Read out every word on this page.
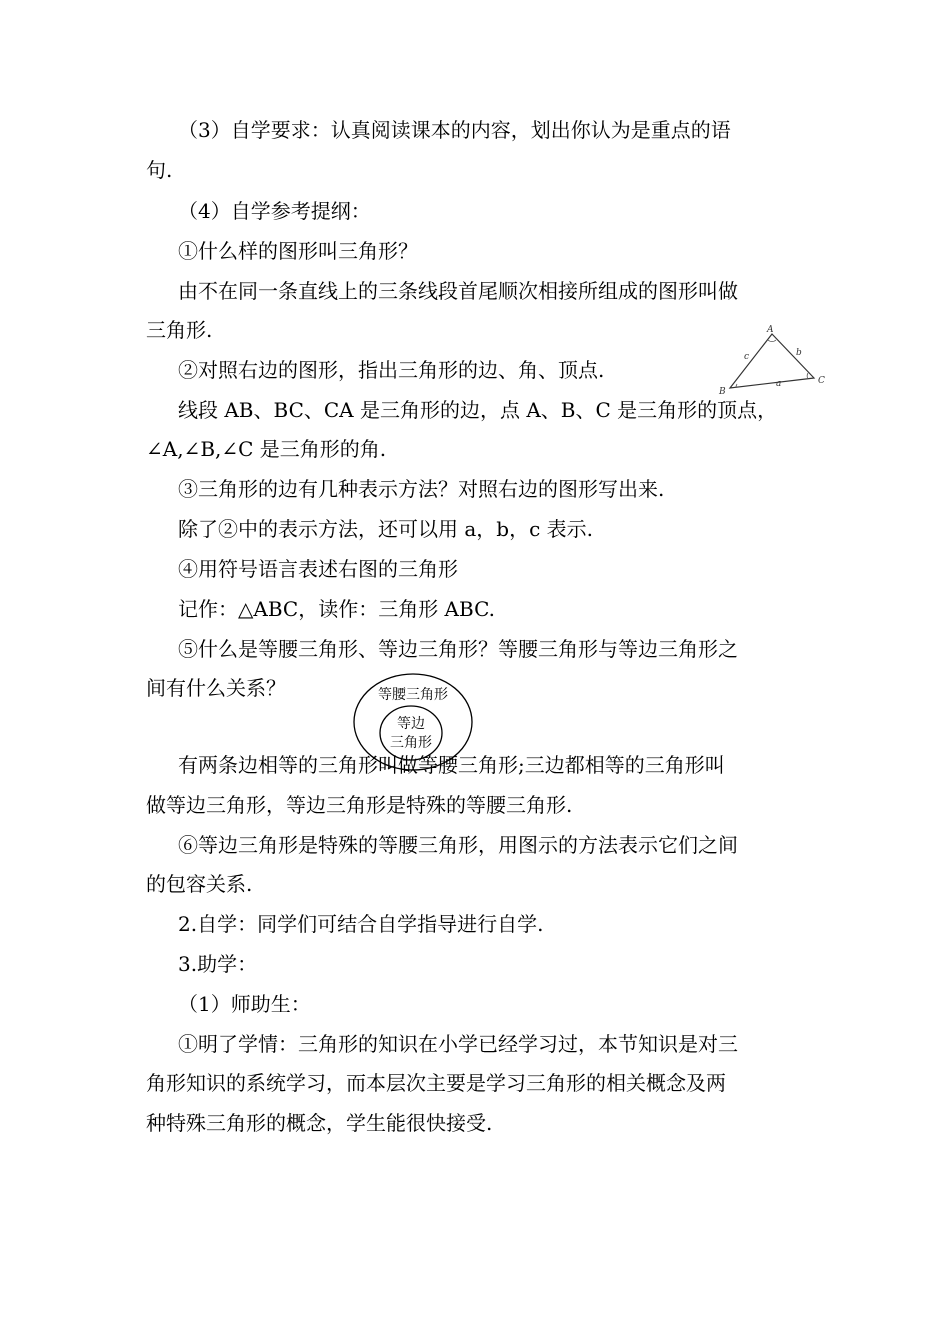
（3）自学要求：认真阅读课本的内容，划出你认为是重点的语
句.
（4）自学参考提纲：
①什么样的图形叫三角形？
由不在同一条直线上的三条线段首尾顺次相接所组成的图形叫做
三角形.
②对照右边的图形，指出三角形的边、角、顶点.
线段 AB、BC、CA 是三角形的边，点 A、B、C 是三角形的顶点，
∠A,∠B,∠C 是三角形的角.
③三角形的边有几种表示方法？对照右边的图形写出来.
除了②中的表示方法，还可以用 a，b，c 表示.
④用符号语言表述右图的三角形
记作：△ABC，读作：三角形 ABC.
⑤什么是等腰三角形、等边三角形？等腰三角形与等边三角形之
间有什么关系？
有两条边相等的三角形叫做等腰三角形;三边都相等的三角形叫
做等边三角形，等边三角形是特殊的等腰三角形.
⑥等边三角形是特殊的等腰三角形，用图示的方法表示它们之间
的包容关系.
2.自学：同学们可结合自学指导进行自学.
3.助学：
（1）师助生：
①明了学情：三角形的知识在小学已经学习过，本节知识是对三
角形知识的系统学习，而本层次主要是学习三角形的相关概念及两
种特殊三角形的概念，学生能很快接受.
A
B
C
a
b
c
等腰三角形
等边
三角形
